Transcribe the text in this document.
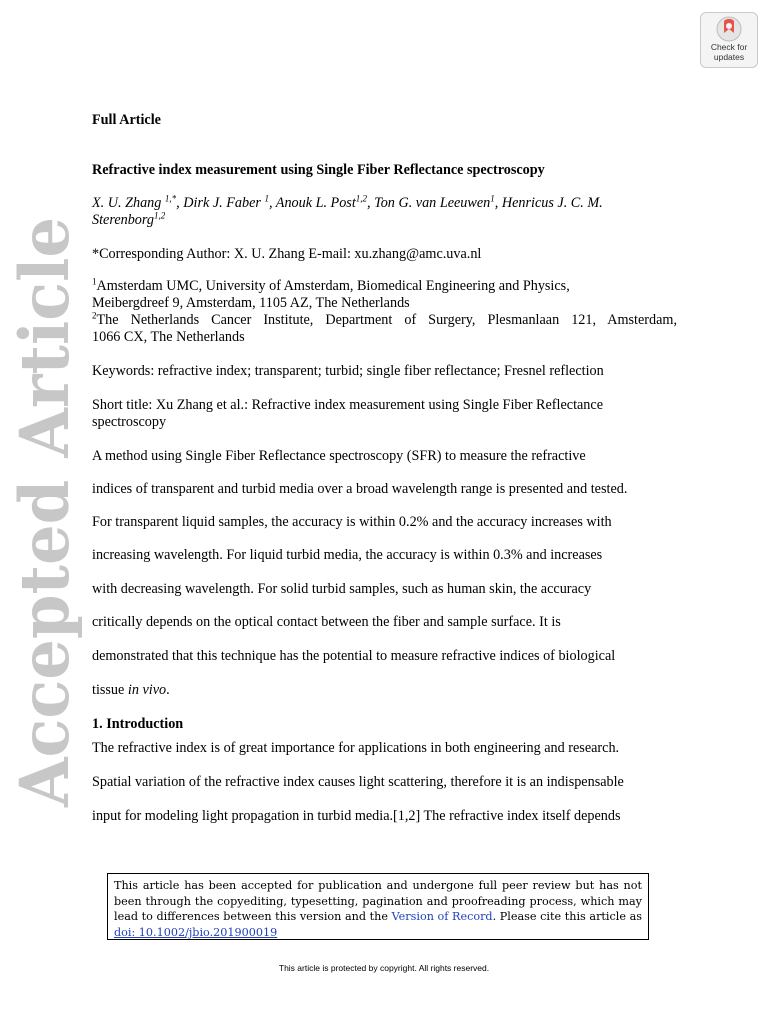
Check for
updates
Accepted Article
Full Article
Refractive index measurement using Single Fiber Reflectance spectroscopy
X. U. Zhang $^{1,*}$, Dirk J. Faber $^1$, Anouk L. Post$^{1,2}$, Ton G. van Leeuwen$^1$, Henricus J. C. M.
Sterenborg$^{1,2}$
*Corresponding Author: X. U. Zhang E-mail: xu.zhang@amc.uva.nl
$^1$Amsterdam UMC, University of Amsterdam, Biomedical Engineering and Physics,
Meibergdreef 9, Amsterdam, 1105 AZ, The Netherlands
$^2$The Netherlands Cancer Institute, Department of Surgery, Plesmanlaan 121, Amsterdam,
1066 CX, The Netherlands
Keywords: refractive index; transparent; turbid; single fiber reflectance; Fresnel reflection
Short title: Xu Zhang et al.: Refractive index measurement using Single Fiber Reflectance
spectroscopy
A method using Single Fiber Reflectance spectroscopy (SFR) to measure the refractive
indices of transparent and turbid media over a broad wavelength range is presented and tested.
For transparent liquid samples, the accuracy is within 0.2% and the accuracy increases with
increasing wavelength. For liquid turbid media, the accuracy is within 0.3% and increases
with decreasing wavelength. For solid turbid samples, such as human skin, the accuracy
critically depends on the optical contact between the fiber and sample surface. It is
demonstrated that this technique has the potential to measure refractive indices of biological
tissue in vivo.
1. Introduction
The refractive index is of great importance for applications in both engineering and research.
Spatial variation of the refractive index causes light scattering, therefore it is an indispensable
input for modeling light propagation in turbid media.[1,2] The refractive index itself depends
This article has been accepted for publication and undergone full peer review but has not been through the copyediting, typesetting, pagination and proofreading process, which may lead to differences between this version and the Version of Record. Please cite this article as doi: 10.1002/jbio.201900019
This article is protected by copyright. All rights reserved.
